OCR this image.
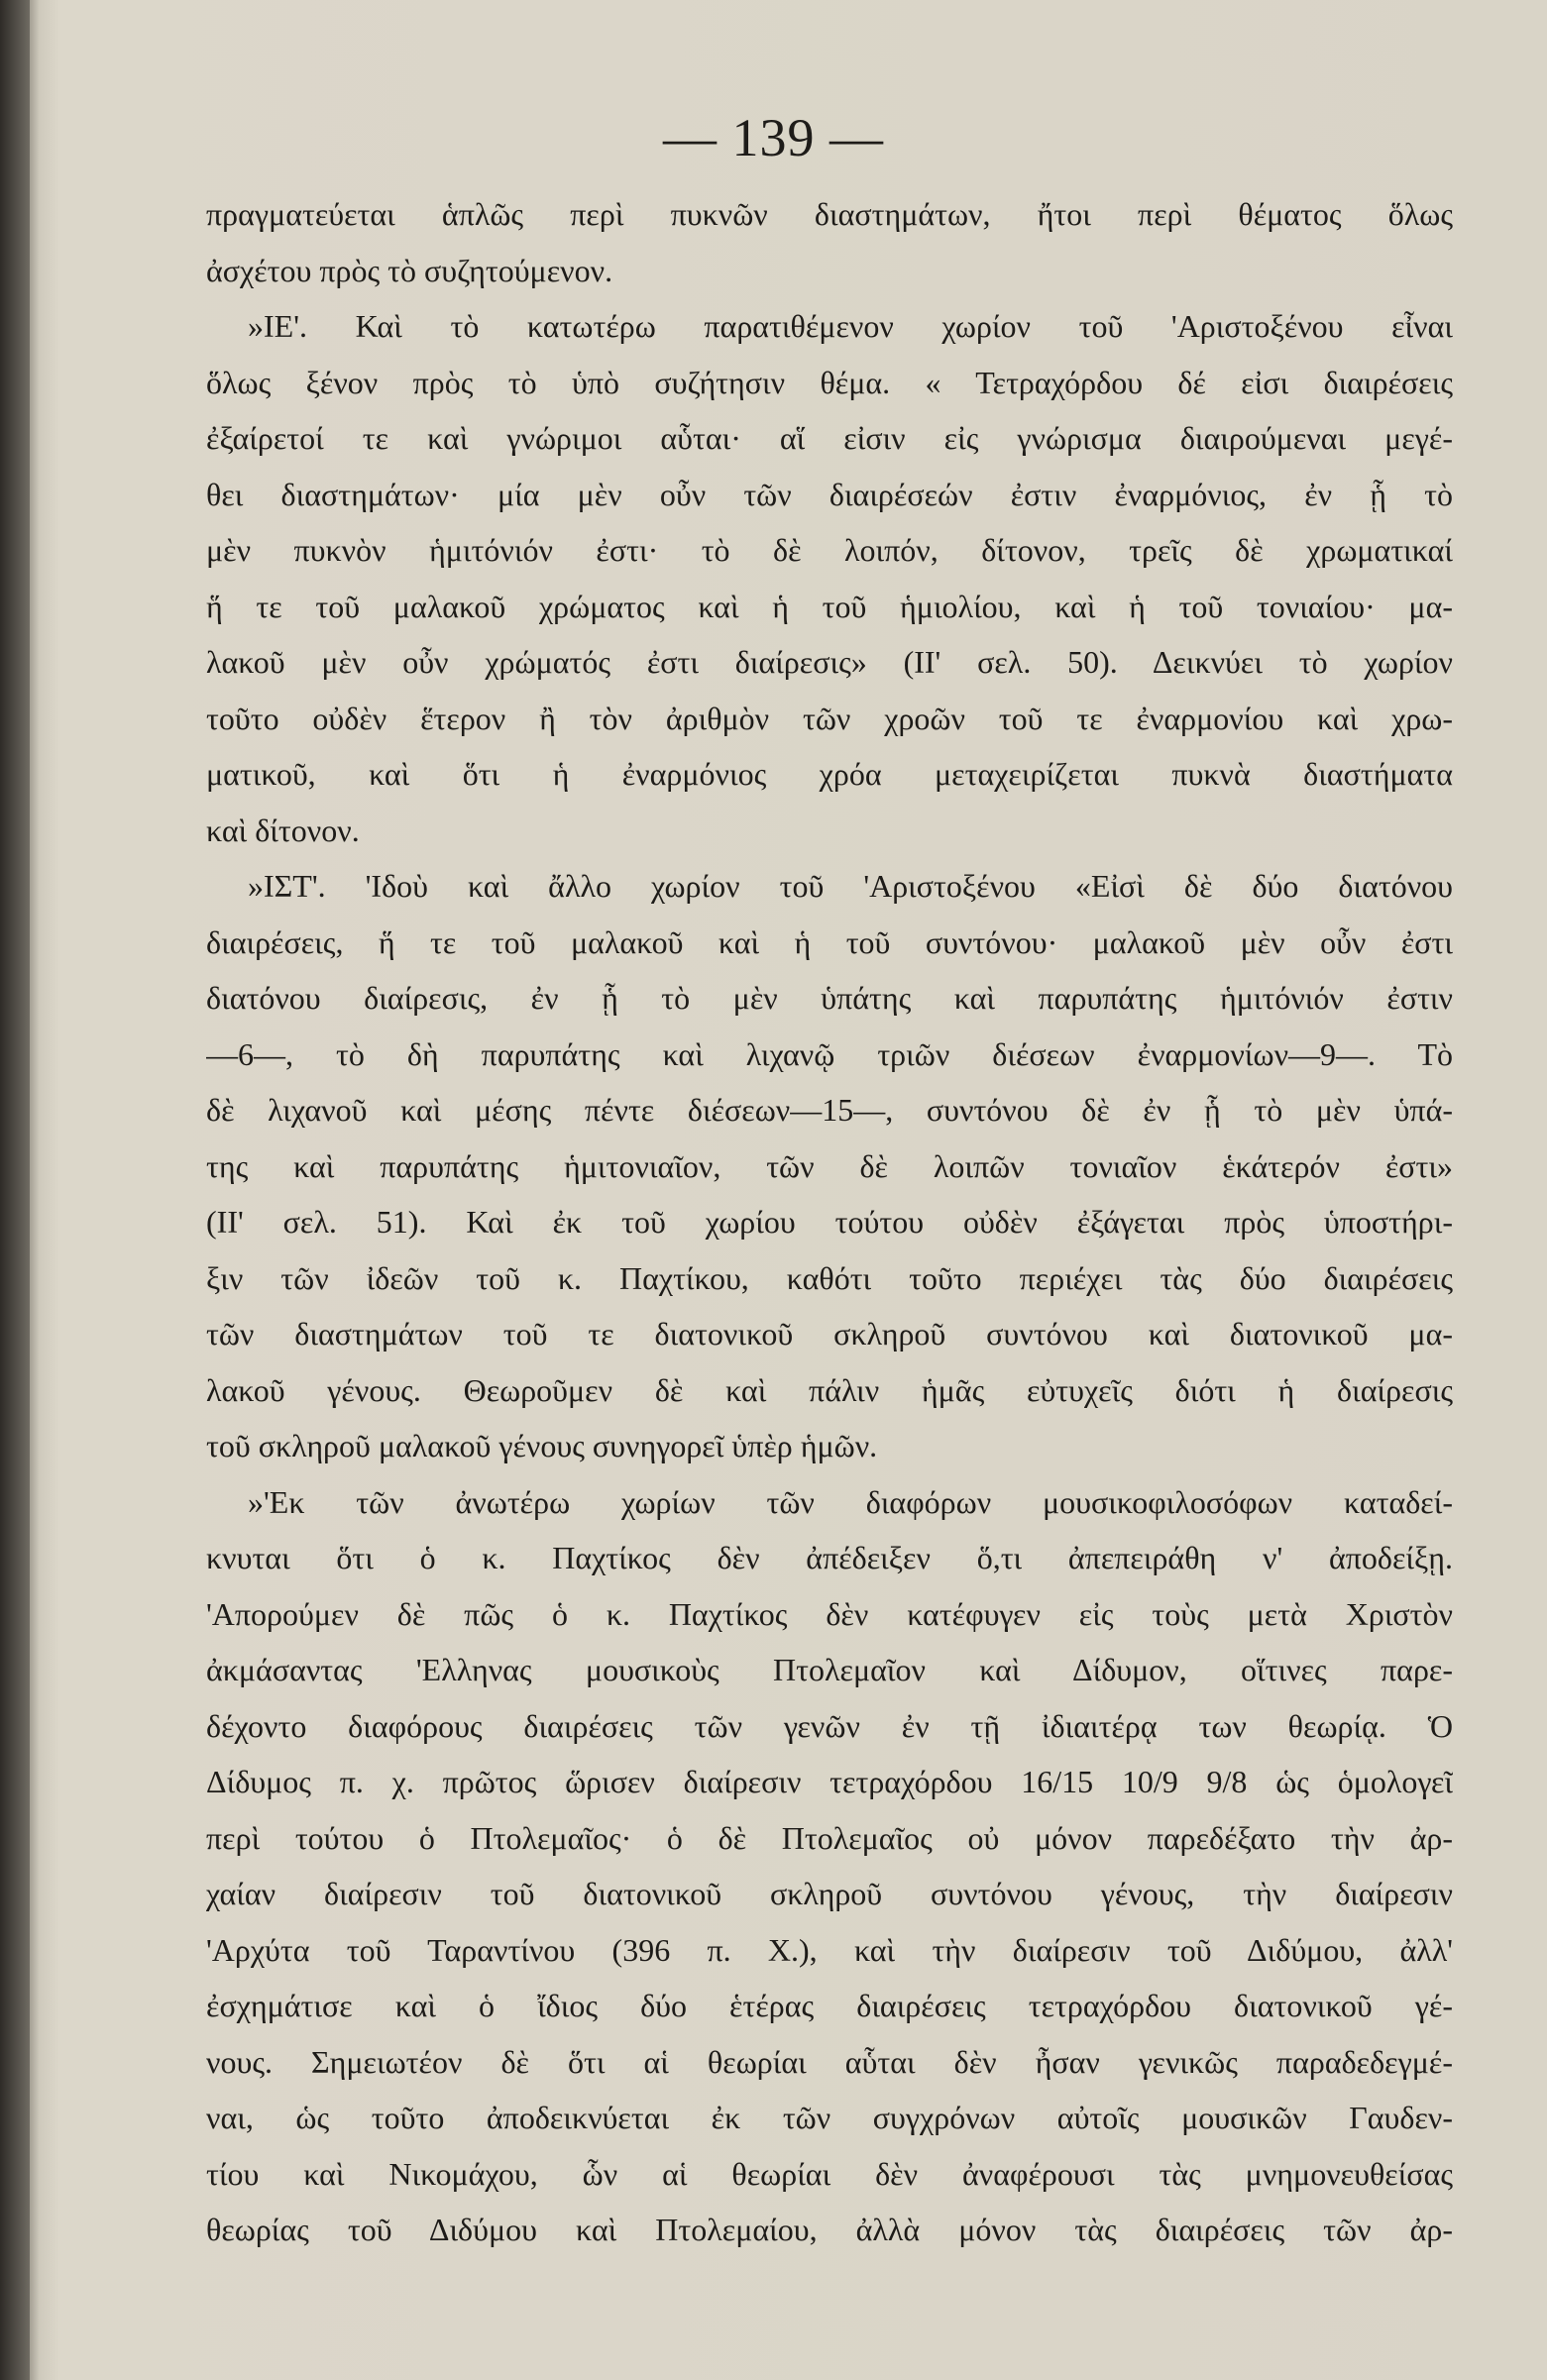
— 139 —
πραγματεύεται ἁπλῶς περὶ πυκνῶν διαστημάτων, ἤτοι περὶ θέματος ὅλως
ἀσχέτου πρὸς τὸ συζητούμενον.
»ΙΕ'. Καὶ τὸ κατωτέρω παρατιθέμενον χωρίον τοῦ 'Αριστοξένου εἶναι
ὅλως ξένον πρὸς τὸ ὑπὸ συζήτησιν θέμα. « Τετραχόρδου δέ εἰσι διαιρέσεις
ἐξαίρετοί τε καὶ γνώριμοι αὗται· αἵ εἰσιν εἰς γνώρισμα διαιρούμεναι μεγέ-
θει διαστημάτων· μία μὲν οὖν τῶν διαιρέσεών ἐστιν ἐναρμόνιος, ἐν ᾗ τὸ
μὲν πυκνὸν ἡμιτόνιόν ἐστι· τὸ δὲ λοιπόν, δίτονον, τρεῖς δὲ χρωματικαί
ἥ τε τοῦ μαλακοῦ χρώματος καὶ ἡ τοῦ ἡμιολίου, καὶ ἡ τοῦ τονιαίου· μα-
λακοῦ μὲν οὖν χρώματός ἐστι διαίρεσις» (ΙΙ' σελ. 50). Δεικνύει τὸ χωρίον
τοῦτο οὐδὲν ἕτερον ἢ τὸν ἀριθμὸν τῶν χροῶν τοῦ τε ἐναρμονίου καὶ χρω-
ματικοῦ, καὶ ὅτι ἡ ἐναρμόνιος χρόα μεταχειρίζεται πυκνὰ διαστήματα
καὶ δίτονον.
»ΙΣΤ'. 'Ιδοὺ καὶ ἄλλο χωρίον τοῦ 'Αριστοξένου «Εἰσὶ δὲ δύο διατόνου
διαιρέσεις, ἥ τε τοῦ μαλακοῦ καὶ ἡ τοῦ συντόνου· μαλακοῦ μὲν οὖν ἐστι
διατόνου διαίρεσις, ἐν ᾗ τὸ μὲν ὑπάτης καὶ παρυπάτης ἡμιτόνιόν ἐστιν
—6—, τὸ δὴ παρυπάτης καὶ λιχανῷ τριῶν διέσεων ἐναρμονίων—9—. Τὸ
δὲ λιχανοῦ καὶ μέσης πέντε διέσεων—15—, συντόνου δὲ ἐν ᾗ τὸ μὲν ὑπά-
της καὶ παρυπάτης ἡμιτονιαῖον, τῶν δὲ λοιπῶν τονιαῖον ἑκάτερόν ἐστι»
(ΙΙ' σελ. 51). Καὶ ἐκ τοῦ χωρίου τούτου οὐδὲν ἐξάγεται πρὸς ὑποστήρι-
ξιν τῶν ἰδεῶν τοῦ κ. Παχτίκου, καθότι τοῦτο περιέχει τὰς δύο διαιρέσεις
τῶν διαστημάτων τοῦ τε διατονικοῦ σκληροῦ συντόνου καὶ διατονικοῦ μα-
λακοῦ γένους. Θεωροῦμεν δὲ καὶ πάλιν ἡμᾶς εὐτυχεῖς διότι ἡ διαίρεσις
τοῦ σκληροῦ μαλακοῦ γένους συνηγορεῖ ὑπὲρ ἡμῶν.
»'Εκ τῶν ἀνωτέρω χωρίων τῶν διαφόρων μουσικοφιλοσόφων καταδεί-
κνυται ὅτι ὁ κ. Παχτίκος δὲν ἀπέδειξεν ὅ,τι ἀπεπειράθη ν' ἀποδείξῃ.
'Απορούμεν δὲ πῶς ὁ κ. Παχτίκος δὲν κατέφυγεν εἰς τοὺς μετὰ Χριστὸν
ἀκμάσαντας 'Ελληνας μουσικοὺς Πτολεμαῖον καὶ Δίδυμον, οἵτινες παρε-
δέχοντο διαφόρους διαιρέσεις τῶν γενῶν ἐν τῇ ἰδιαιτέρᾳ των θεωρίᾳ. Ὁ
Δίδυμος π. χ. πρῶτος ὥρισεν διαίρεσιν τετραχόρδου 16/15 10/9 9/8 ὡς ὁμολογεῖ
περὶ τούτου ὁ Πτολεμαῖος· ὁ δὲ Πτολεμαῖος οὐ μόνον παρεδέξατο τὴν ἀρ-
χαίαν διαίρεσιν τοῦ διατονικοῦ σκληροῦ συντόνου γένους, τὴν διαίρεσιν
'Αρχύτα τοῦ Ταραντίνου (396 π. Χ.), καὶ τὴν διαίρεσιν τοῦ Διδύμου, ἀλλ'
ἐσχημάτισε καὶ ὁ ἴδιος δύο ἑτέρας διαιρέσεις τετραχόρδου διατονικοῦ γέ-
νους. Σημειωτέον δὲ ὅτι αἱ θεωρίαι αὗται δὲν ἦσαν γενικῶς παραδεδεγμέ-
ναι, ὡς τοῦτο ἀποδεικνύεται ἐκ τῶν συγχρόνων αὐτοῖς μουσικῶν Γαυδεν-
τίου καὶ Νικομάχου, ὧν αἱ θεωρίαι δὲν ἀναφέρουσι τὰς μνημονευθείσας
θεωρίας τοῦ Διδύμου καὶ Πτολεμαίου, ἀλλὰ μόνον τὰς διαιρέσεις τῶν ἀρ-
